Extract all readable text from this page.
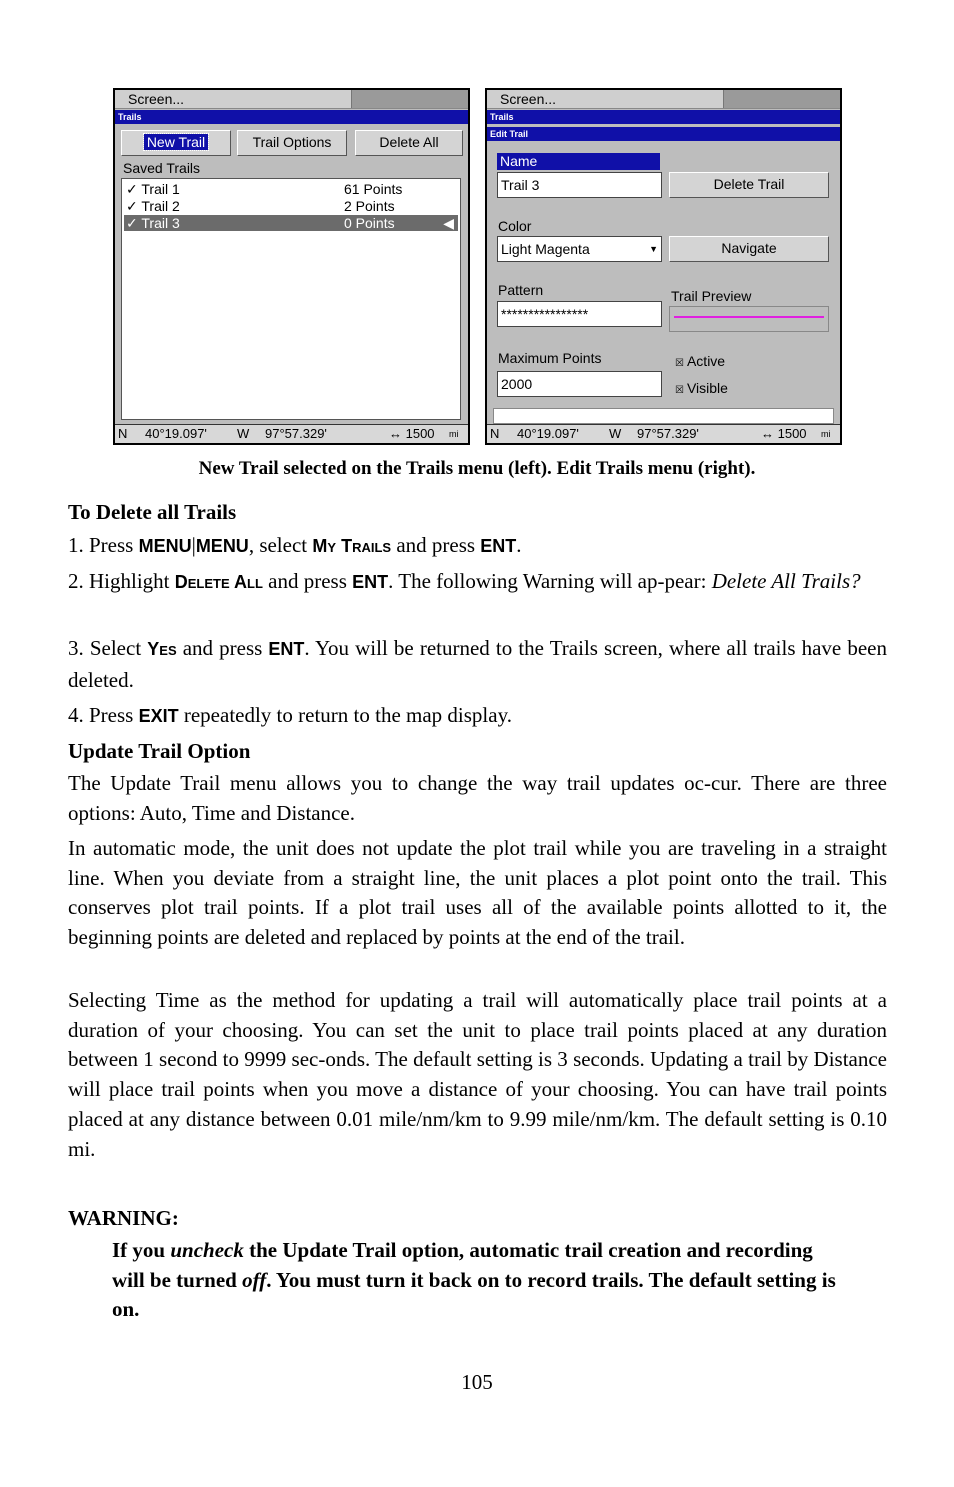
Screen...
Trails
New Trail	Trail Options	Delete All
Saved Trails
✓ Trail 1	61 Points
✓ Trail 2	2 Points
✓ Trail 3	0 Points	◀
N 40°19.097' W 97°57.329'	↔ 1500 mi
Screen...
Trails
Edit Trail
Name
Trail 3	Delete Trail
Color
Light Magenta	▼	Navigate
Pattern
****************
Trail Preview
Maximum Points
2000
☒ Active
☒ Visible
N 40°19.097' W 97°57.329'	↔ 1500 mi
New Trail selected on the Trails menu (left). Edit Trails menu (right).
To Delete all Trails
1. Press MENU|MENU, select MY TRAILS and press ENT.
2. Highlight DELETE ALL and press ENT. The following Warning will ap-pear: Delete All Trails?
3. Select YES and press ENT. You will be returned to the Trails screen, where all trails have been deleted.
4. Press EXIT repeatedly to return to the map display.
Update Trail Option
The Update Trail menu allows you to change the way trail updates oc-cur. There are three options: Auto, Time and Distance.
In automatic mode, the unit does not update the plot trail while you are traveling in a straight line. When you deviate from a straight line, the unit places a plot point onto the trail. This conserves plot trail points. If a plot trail uses all of the available points allotted to it, the beginning points are deleted and replaced by points at the end of the trail.
Selecting Time as the method for updating a trail will automatically place trail points at a duration of your choosing. You can set the unit to place trail points placed at any duration between 1 second to 9999 sec-onds. The default setting is 3 seconds. Updating a trail by Distance will place trail points when you move a distance of your choosing. You can have trail points placed at any distance between 0.01 mile/nm/km to 9.99 mile/nm/km. The default setting is 0.10 mi.
WARNING:
If you uncheck the Update Trail option, automatic trail creation and recording will be turned off. You must turn it back on to record trails. The default setting is on.
105
